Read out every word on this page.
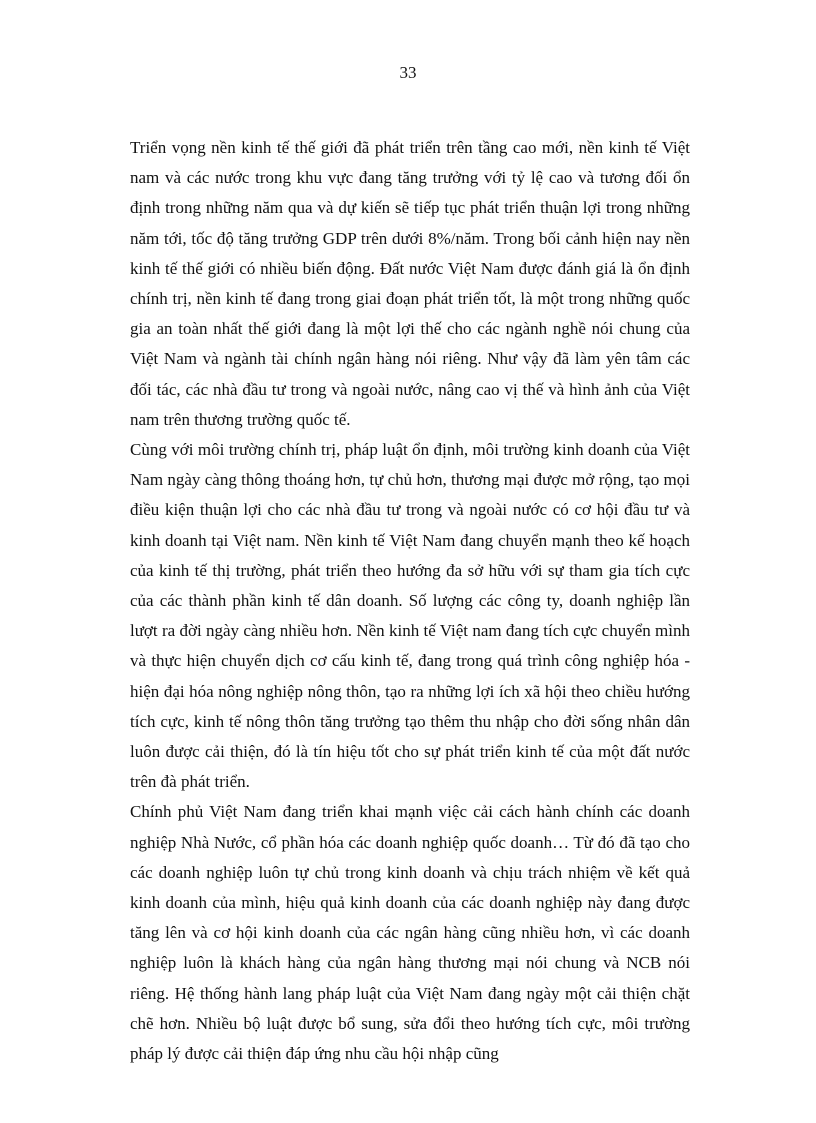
33

Triển vọng nền kinh tế thế giới đã phát triển trên tầng cao mới, nền kinh tế Việt nam và các nước trong khu vực đang tăng trưởng với tỷ lệ cao và tương đối ổn định trong những năm qua và dự kiến sẽ tiếp tục phát triển thuận lợi trong những năm tới, tốc độ tăng trưởng GDP trên dưới 8%/năm. Trong bối cảnh hiện nay nền kinh tế thế giới có nhiều biến động. Đất nước Việt Nam được đánh giá là ổn định chính trị, nền kinh tế đang trong giai đoạn phát triển tốt, là một trong những quốc gia an toàn nhất thế giới đang là một lợi thế cho các ngành nghề nói chung của Việt Nam và ngành tài chính ngân hàng nói riêng. Như vậy đã làm yên tâm các đối tác, các nhà đầu tư trong và ngoài nước, nâng cao vị thế và hình ảnh của Việt nam trên thương trường quốc tế.

Cùng với môi trường chính trị, pháp luật ổn định, môi trường kinh doanh của Việt Nam ngày càng thông thoáng hơn, tự chủ hơn, thương mại được mở rộng, tạo mọi điều kiện thuận lợi cho các nhà đầu tư trong và ngoài nước có cơ hội đầu tư và kinh doanh tại Việt nam. Nền kinh tế Việt Nam đang chuyển mạnh theo kế hoạch của kinh tế thị trường, phát triển theo hướng đa sở hữu với sự tham gia tích cực của các thành phần kinh tế dân doanh. Số lượng các công ty, doanh nghiệp lần lượt ra đời ngày càng nhiều hơn. Nền kinh tế Việt nam đang tích cực chuyển mình và thực hiện chuyển dịch cơ cấu kinh tế, đang trong quá trình công nghiệp hóa - hiện đại hóa nông nghiệp nông thôn, tạo ra những lợi ích xã hội theo chiều hướng tích cực, kinh tế nông thôn tăng trưởng tạo thêm thu nhập cho đời sống nhân dân luôn được cải thiện, đó là tín hiệu tốt cho sự phát triển kinh tế của một đất nước trên đà phát triển.

Chính phủ Việt Nam đang triển khai mạnh việc cải cách hành chính các doanh nghiệp Nhà Nước, cổ phần hóa các doanh nghiệp quốc doanh… Từ đó đã tạo cho các doanh nghiệp luôn tự chủ trong kinh doanh và chịu trách nhiệm về kết quả kinh doanh của mình, hiệu quả kinh doanh của các doanh nghiệp này đang được tăng lên và cơ hội kinh doanh của các ngân hàng cũng nhiều hơn, vì các doanh nghiệp luôn là khách hàng của ngân hàng thương mại nói chung và NCB nói riêng. Hệ thống hành lang pháp luật của Việt Nam đang ngày một cải thiện chặt chẽ hơn. Nhiều bộ luật được bổ sung, sửa đổi theo hướng tích cực, môi trường pháp lý được cải thiện đáp ứng nhu cầu hội nhập cũng
